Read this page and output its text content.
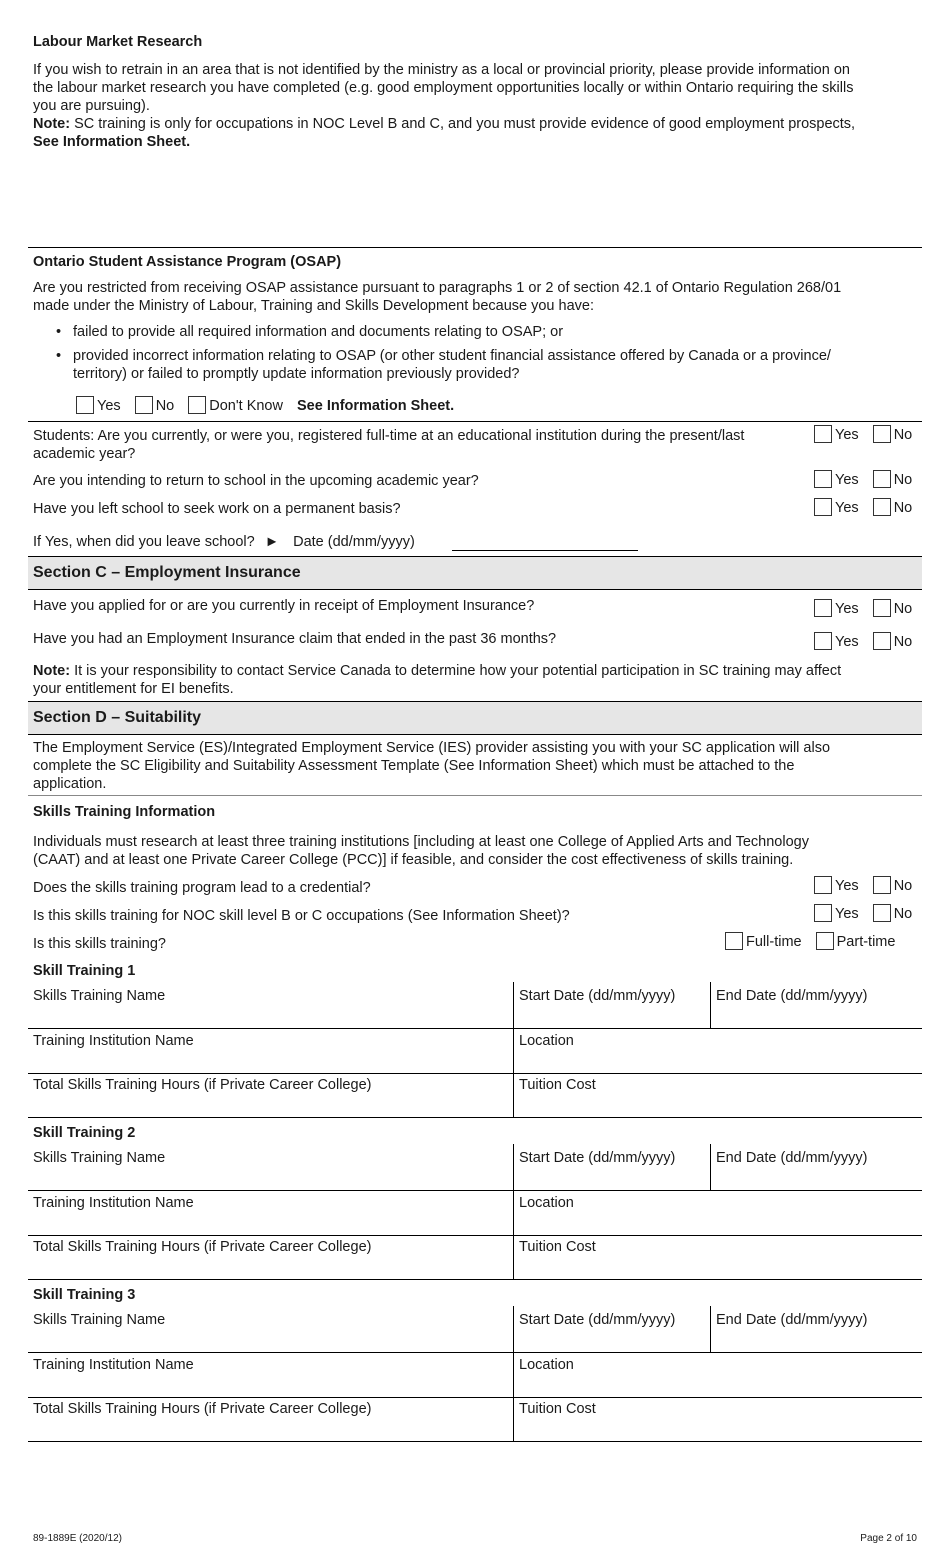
Labour Market Research
If you wish to retrain in an area that is not identified by the ministry as a local or provincial priority, please provide information on
the labour market research you have completed (e.g. good employment opportunities locally or within Ontario requiring the skills
you are pursuing).
Note: SC training is only for occupations in NOC Level B and C, and you must provide evidence of good employment prospects,
See Information Sheet.
Ontario Student Assistance Program (OSAP)
Are you restricted from receiving OSAP assistance pursuant to paragraphs 1 or 2 of section 42.1 of Ontario Regulation 268/01
made under the Ministry of Labour, Training and Skills Development because you have:
• failed to provide all required information and documents relating to OSAP; or
• provided incorrect information relating to OSAP (or other student financial assistance offered by Canada or a province/
territory) or failed to promptly update information previously provided?
Yes No Don't Know See Information Sheet.
Students: Are you currently, or were you, registered full-time at an educational institution during the present/last
academic year?
Yes No
Are you intending to return to school in the upcoming academic year?	Yes No
Have you left school to seek work on a permanent basis?	Yes No
If Yes, when did you leave school? ► Date (dd/mm/yyyy)
Section C – Employment Insurance
Have you applied for or are you currently in receipt of Employment Insurance?	Yes No
Have you had an Employment Insurance claim that ended in the past 36 months?	Yes No
Note: It is your responsibility to contact Service Canada to determine how your potential participation in SC training may affect
your entitlement for EI benefits.
Section D – Suitability
The Employment Service (ES)/Integrated Employment Service (IES) provider assisting you with your SC application will also
complete the SC Eligibility and Suitability Assessment Template (See Information Sheet) which must be attached to the
application.
Skills Training Information
Individuals must research at least three training institutions [including at least one College of Applied Arts and Technology
(CAAT) and at least one Private Career College (PCC)] if feasible, and consider the cost effectiveness of skills training.
Does the skills training program lead to a credential?	Yes No
Is this skills training for NOC skill level B or C occupations (See Information Sheet)?	Yes No
Is this skills training?	Full-time Part-time
Skill Training 1
Skills Training Name	Start Date (dd/mm/yyyy)	End Date (dd/mm/yyyy)
Training Institution Name	Location
Total Skills Training Hours (if Private Career College)	Tuition Cost
Skill Training 2
Skills Training Name	Start Date (dd/mm/yyyy)	End Date (dd/mm/yyyy)
Training Institution Name	Location
Total Skills Training Hours (if Private Career College)	Tuition Cost
Skill Training 3
Skills Training Name	Start Date (dd/mm/yyyy)	End Date (dd/mm/yyyy)
Training Institution Name	Location
Total Skills Training Hours (if Private Career College)	Tuition Cost
89-1889E (2020/12)	Page 2 of 10
